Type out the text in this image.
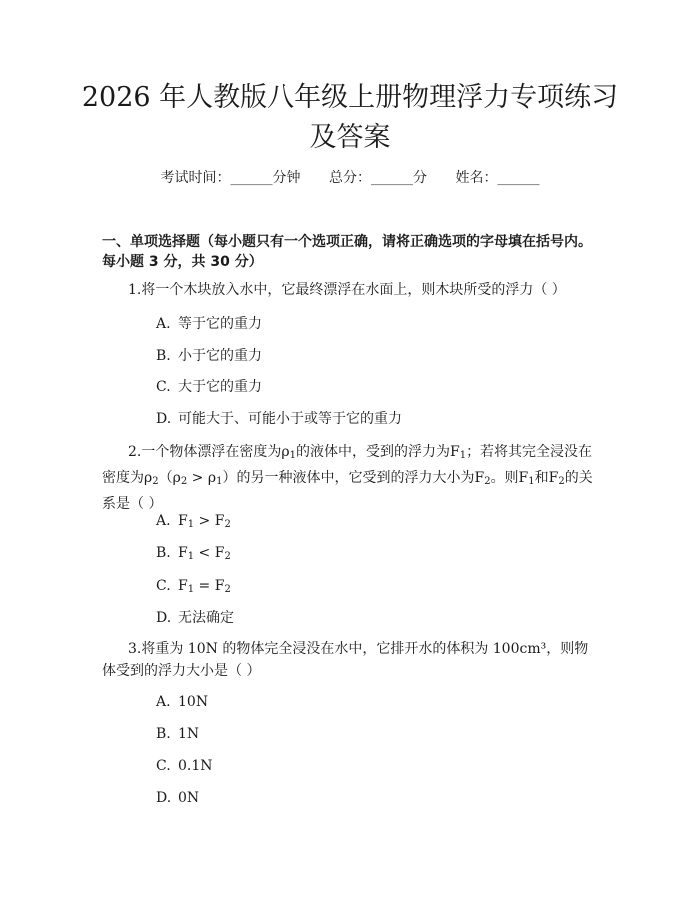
2026 年人教版八年级上册物理浮力专项练习
及答案
考试时间：______分钟 总分：______分 姓名：______
一、单项选择题（每小题只有一个选项正确，请将正确选项的字母填在括号内。每小题 3 分，共 30 分）
1.将一个木块放入水中，它最终漂浮在水面上，则木块所受的浮力（ ）
A. 等于它的重力
B. 小于它的重力
C. 大于它的重力
D. 可能大于、可能小于或等于它的重力
2.一个物体漂浮在密度为$\rho_1$的液体中，受到的浮力为$F_1$；若将其完全浸没在密度为$\rho_2(\rho_2 > \rho_1)$的另一种液体中，它受到的浮力大小为$F_2$。则$F_1$和$F_2$的关系是（ ）
A. $F_1 > F_2$
B. $F_1 < F_2$
C. $F_1 = F_2$
D. 无法确定
3.将重为 10N 的物体完全浸没在水中，它排开水的体积为 100cm³，则物体受到的浮力大小是（ ）
A. 10N
B. 1N
C. 0.1N
D. 0N
